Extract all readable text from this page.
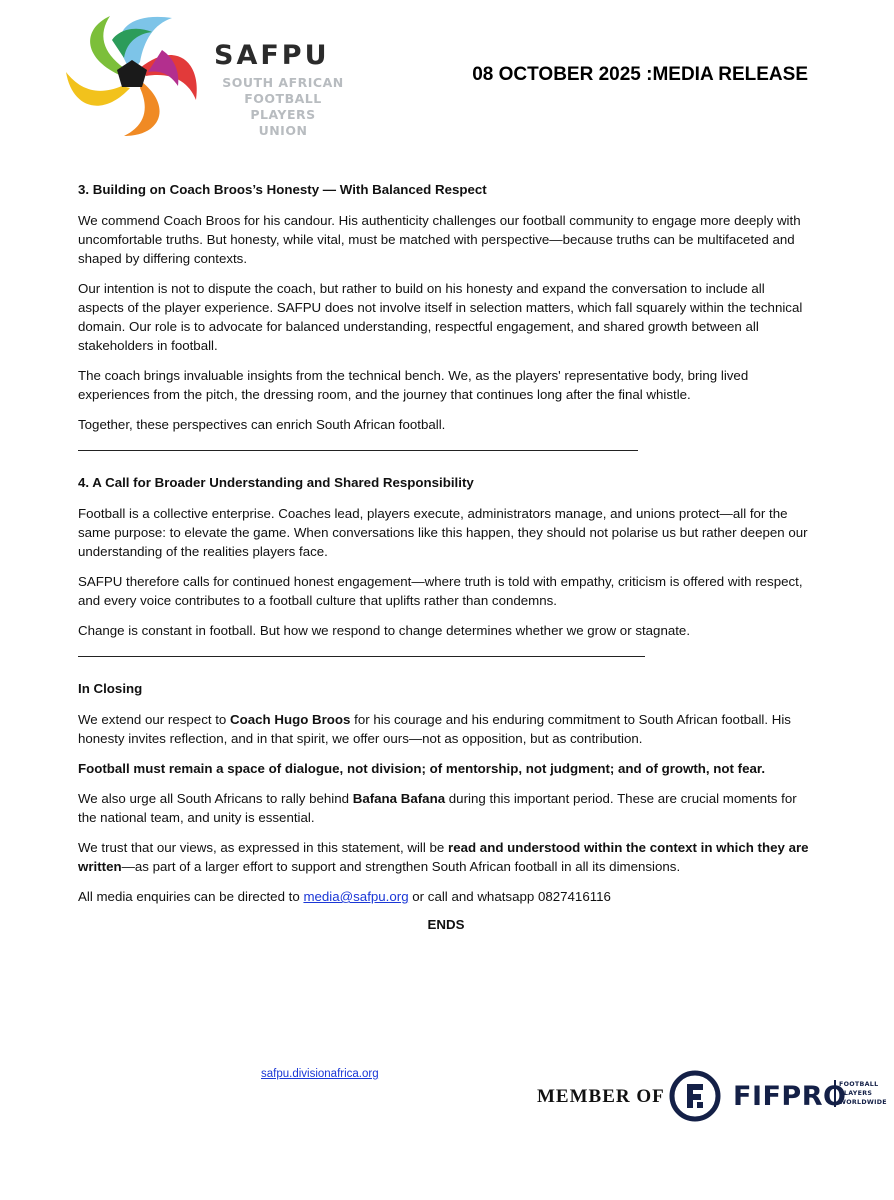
SAFPU
SOUTH AFRICAN
FOOTBALL PLAYERS
UNION
08 OCTOBER 2025 :MEDIA RELEASE
3. Building on Coach Broos’s Honesty — With Balanced Respect

We commend Coach Broos for his candour. His authenticity challenges our football community to engage more deeply with uncomfortable truths. But honesty, while vital, must be matched with perspective—because truths can be multifaceted and shaped by differing contexts.

Our intention is not to dispute the coach, but rather to build on his honesty and expand the conversation to include all aspects of the player experience. SAFPU does not involve itself in selection matters, which fall squarely within the technical domain. Our role is to advocate for balanced understanding, respectful engagement, and shared growth between all stakeholders in football.

The coach brings invaluable insights from the technical bench. We, as the players' representative body, bring lived experiences from the pitch, the dressing room, and the journey that continues long after the final whistle.

Together, these perspectives can enrich South African football.

4. A Call for Broader Understanding and Shared Responsibility

Football is a collective enterprise. Coaches lead, players execute, administrators manage, and unions protect—all for the same purpose: to elevate the game. When conversations like this happen, they should not polarise us but rather deepen our understanding of the realities players face.

SAFPU therefore calls for continued honest engagement—where truth is told with empathy, criticism is offered with respect, and every voice contributes to a football culture that uplifts rather than condemns.

Change is constant in football. But how we respond to change determines whether we grow or stagnate.

In Closing

We extend our respect to Coach Hugo Broos for his courage and his enduring commitment to South African football. His honesty invites reflection, and in that spirit, we offer ours—not as opposition, but as contribution.

Football must remain a space of dialogue, not division; of mentorship, not judgment; and of growth, not fear.

We also urge all South Africans to rally behind Bafana Bafana during this important period. These are crucial moments for the national team, and unity is essential.

We trust that our views, as expressed in this statement, will be read and understood within the context in which they are written—as part of a larger effort to support and strengthen South African football in all its dimensions.

All media enquiries can be directed to media@safpu.org or call and whatsapp 0827416116

ENDS
safpu.divisionafrica.org
MEMBER OF	FIFPRO
FOOTBALL
PLAYERS
WORLDWIDE
